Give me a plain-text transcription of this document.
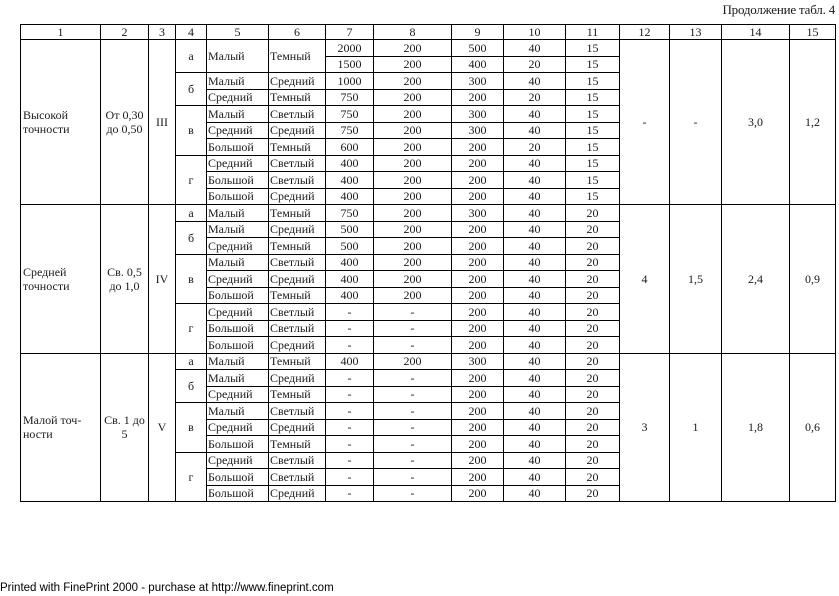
Продолжение табл. 4
1	2	3	4	5	6	7	8	9	10	11	12	13	14	15
Высокой точности	От 0,30 до 0,50	III	а	Малый	Темный	2000	200	500	40	15	-	-	3,0	1,2
						1500	200	400	20	15				
			б	Малый	Средний	1000	200	300	40	15				
				Средний	Темный	750	200	200	20	15				
			в	Малый	Светлый	750	200	300	40	15				
				Средний	Средний	750	200	300	40	15				
				Большой	Темный	600	200	200	20	15				
			г	Средний	Светлый	400	200	200	40	15				
				Большой	Светлый	400	200	200	40	15				
				Большой	Средний	400	200	200	40	15				
Средней точности	Св. 0,5 до 1,0	IV	а	Малый	Темный	750	200	300	40	20	4	1,5	2,4	0,9
			б	Малый	Средний	500	200	200	40	20				
				Средний	Темный	500	200	200	40	20				
			в	Малый	Светлый	400	200	200	40	20				
				Средний	Средний	400	200	200	40	20				
				Большой	Темный	400	200	200	40	20				
			г	Средний	Светлый	-	-	200	40	20				
				Большой	Светлый	-	-	200	40	20				
				Большой	Средний	-	-	200	40	20				
Малой точ- ности	Св. 1 до 5	V	а	Малый	Темный	400	200	300	40	20	3	1	1,8	0,6
			б	Малый	Средний	-	-	200	40	20				
				Средний	Темный	-	-	200	40	20				
			в	Малый	Светлый	-	-	200	40	20				
				Средний	Средний	-	-	200	40	20				
				Большой	Темный	-	-	200	40	20				
			г	Средний	Светлый	-	-	200	40	20				
				Большой	Светлый	-	-	200	40	20				
				Большой	Средний	-	-	200	40	20				
Printed with FinePrint 2000 - purchase at http://www.fineprint.com
